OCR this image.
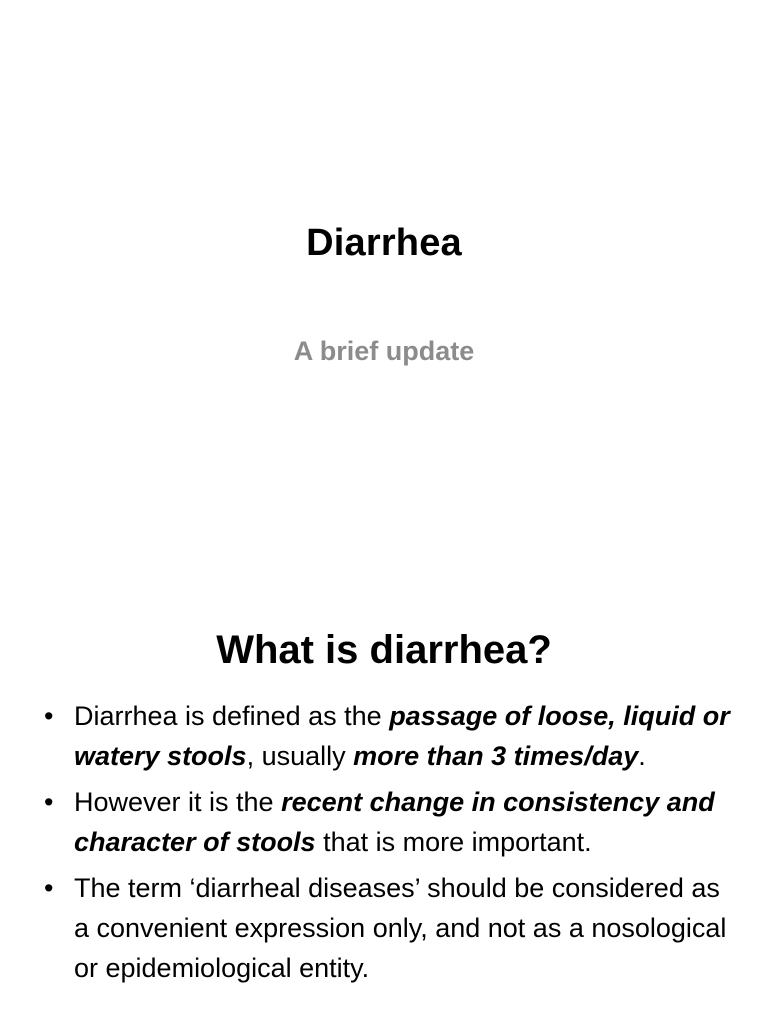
Diarrhea
A brief update
What is diarrhea?
• Diarrhea is defined as the passage of loose, liquid or watery stools, usually more than 3 times/day.
• However it is the recent change in consistency and character of stools that is more important.
• The term ‘diarrheal diseases’ should be considered as a convenient expression only, and not as a nosological or epidemiological entity.
